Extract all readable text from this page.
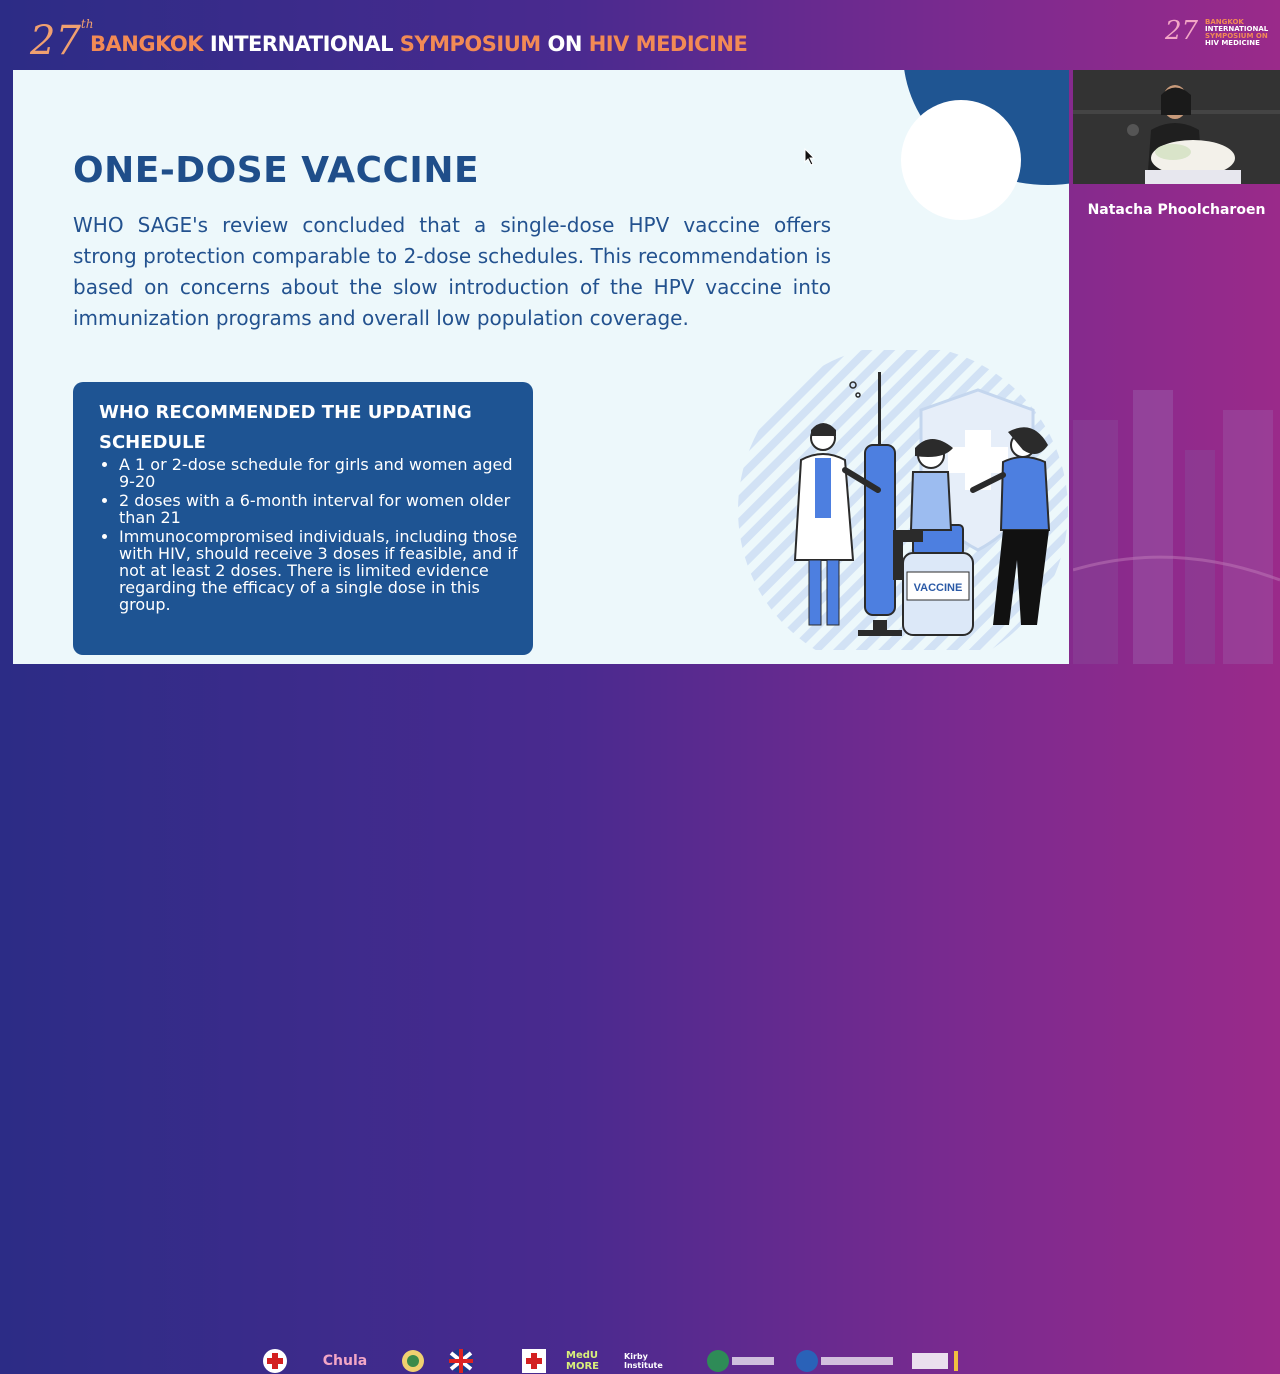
27th
BANGKOK INTERNATIONAL SYMPOSIUM ON HIV MEDICINE	27 BANGKOK
INTERNATIONAL
SYMPOSIUM ON
HIV MEDICINE
ONE-DOSE VACCINE

WHO SAGE's review concluded that a single-dose HPV vaccine offers strong protection comparable to 2-dose schedules. This recommendation is based on concerns about the slow introduction of the HPV vaccine into immunization programs and overall low population coverage.

WHO RECOMMENDED THE UPDATING SCHEDULE
• A 1 or 2-dose schedule for girls and women aged 9-20
• 2 doses with a 6-month interval for women older than 21
• Immunocompromised individuals, including those with HIV, should receive 3 doses if feasible, and if not at least 2 doses. There is limited evidence regarding the efficacy of a single dose in this group.
VACCINE

Natacha Phoolcharoen

Chula	MedU MORE
Kirby Institute
